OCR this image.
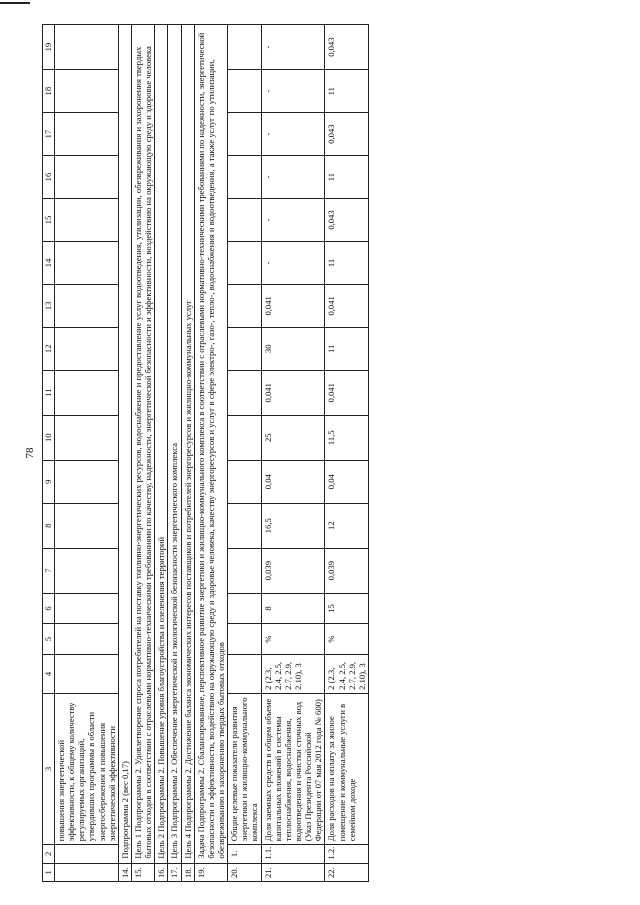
78
1	2	3	4	5	6	7	8	9	10	11	12	13	14	15	16	17	18	19
		повышения энергетической эффективности, к общему количеству регулируемых организаций, утвердивших программы в области энергосбережения и повышения энергетической эффективности																
14.	Подпрограмма 2 (вес 0,17)																	
15.	Цель 1 Подпрограммы 2. Удовлетворение спроса потребителей на поставку топливно-энергетических ресурсов, водоснабжение и предоставление услуг водоотведения, утилизации, обезвреживания и захоронения твердых бытовых отходов в соответствии с отраслевыми нормативно-техническими требованиями по качеству, надежности, энергетической безопасности и эффективности, воздействию на окружающую среду и здоровье человека																	
16.	Цель 2 Подпрограммы 2. Повышение уровня благоустройства и озеленения территорий																	
17.	Цель 3 Подпрограммы 2. Обеспечение энергетической и экологической безопасности энергетического комплекса																	
18.	Цель 4 Подпрограммы 2. Достижение баланса экономических интересов поставщиков и потребителей энергоресурсов и жилищно-коммунальных услуг																	
19.	Задача Подпрограммы 2. Сбалансированное, перспективное развитие энергетики и жилищно-коммунального комплекса в соответствии с отраслевыми нормативно-техническими требованиями по надежности, энергетической безопасности и эффективности, воздействию на окружающую среду и здоровье человека, качеству энергоресурсов и услуг в сфере электро-, газо-, тепло-, водоснабжения и водоотведения, а также услуг по утилизации, обезвреживанию и захоронению твердых бытовых отходов																	
20.	1.	Общие целевые показатели развития энергетики и жилищно-коммунального комплекса																
21.	1.1.	Доля заемных средств в общем объеме капитальных вложений в системы теплоснабжения, водоснабжения, водоотведения и очистки сточных вод (Указ Президента Российской Федерации от 07 мая 2012 года № 600)	2 (2.3, 2.4, 2.5, 2.7, 2.9, 2.10), 3	%	8	0,039	16,5	0,04	25	0,041	30	0,041	-	-	-	-	-	-
22.	1.2.	Доля расходов на оплату за жилое помещение и коммунальные услуги в семейном доходе	2 (2.3, 2.4, 2.5, 2.7, 2.9, 2.10), 3	%	15	0,039	12	0,04	11,5	0,041	11	0,041	11	0,043	11	0,043	11	0,043
